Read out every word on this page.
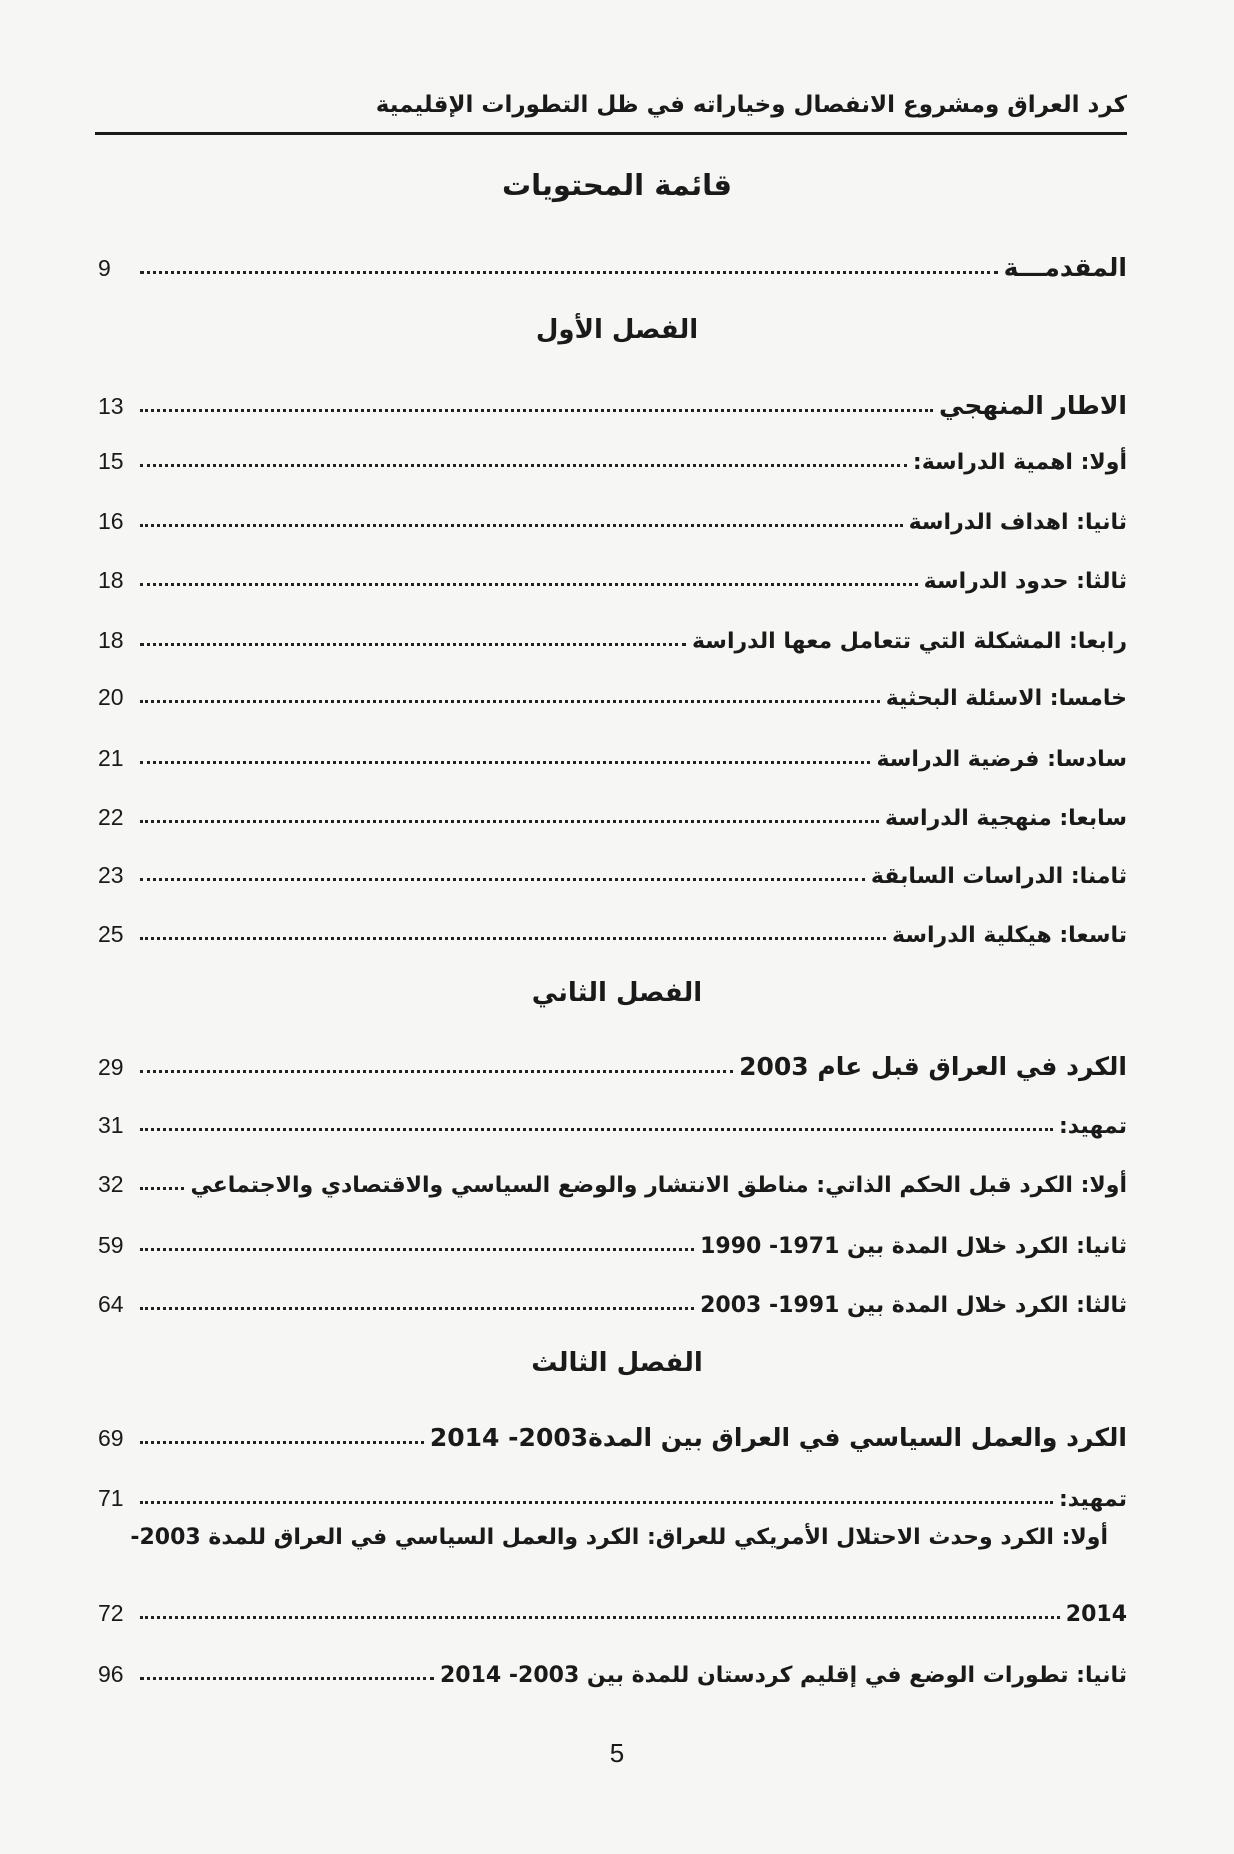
كرد العراق ومشروع الانفصال وخياراته في ظل التطورات الإقليمية
قائمة المحتويات
المقدمـــة
9
الفصل الأول
الاطار المنهجي
13
أولا: اهمية الدراسة:
15
ثانيا: اهداف الدراسة
16
ثالثا: حدود الدراسة
18
رابعا: المشكلة التي تتعامل معها الدراسة
18
خامسا: الاسئلة البحثية
20
سادسا: فرضية الدراسة
21
سابعا: منهجية الدراسة
22
ثامنا: الدراسات السابقة
23
تاسعا: هيكلية الدراسة
25
الفصل الثاني
الكرد في العراق قبل عام 2003
29
تمهيد:
31
أولا: الكرد قبل الحكم الذاتي: مناطق الانتشار والوضع السياسي والاقتصادي والاجتماعي
32
ثانيا: الكرد خلال المدة بين 1971- 1990
59
ثالثا: الكرد خلال المدة بين 1991- 2003
64
الفصل الثالث
الكرد والعمل السياسي في العراق بين المدة2003- 2014
69
تمهيد:
71
أولا: الكرد وحدث الاحتلال الأمريكي للعراق: الكرد والعمل السياسي في العراق للمدة 2003-
2014
72
ثانيا: تطورات الوضع في إقليم كردستان للمدة بين 2003- 2014
96
5
